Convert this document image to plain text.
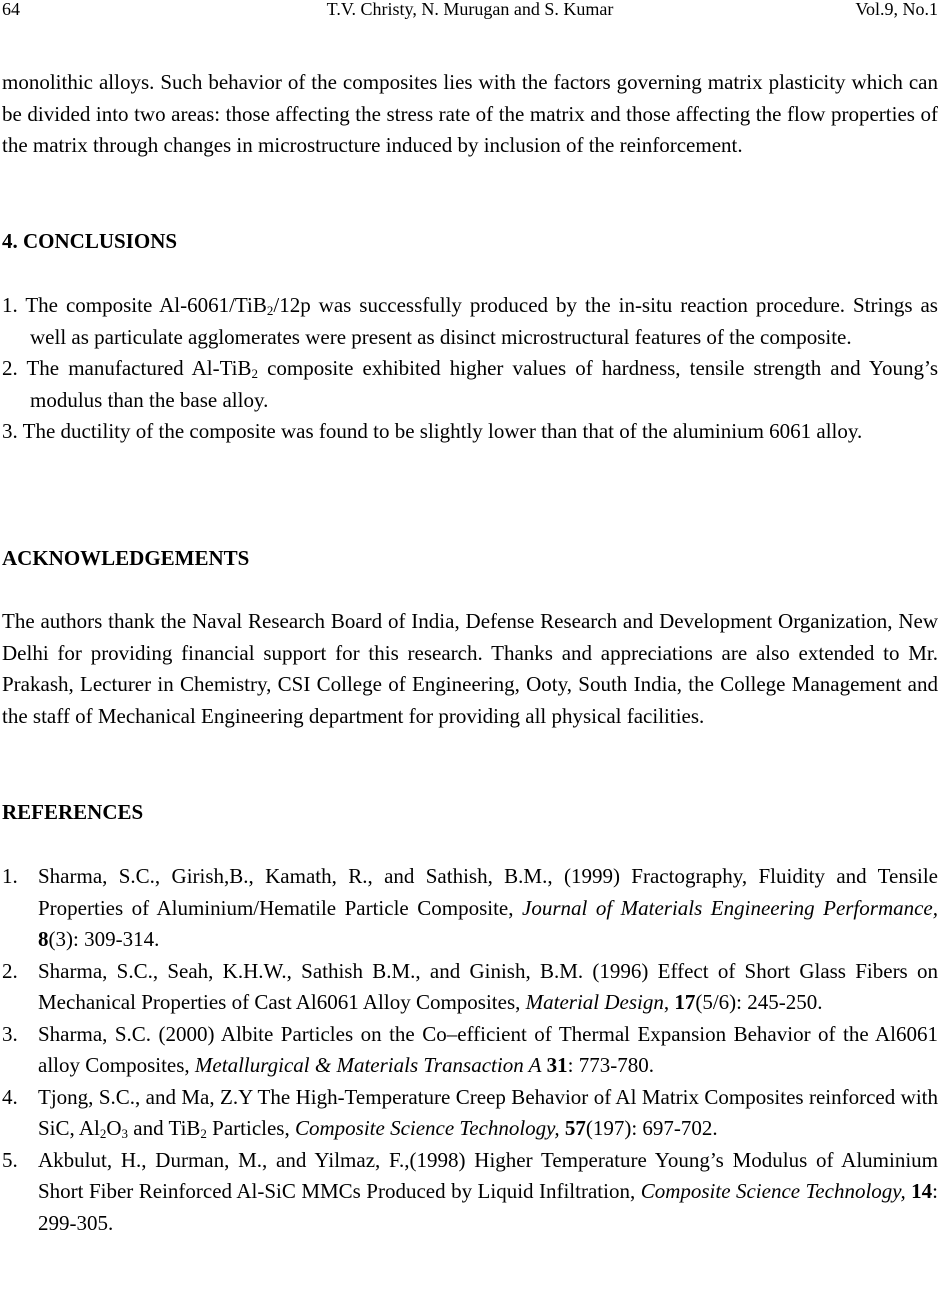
64	T.V. Christy, N. Murugan and S. Kumar	Vol.9, No.1

monolithic alloys. Such behavior of the composites lies with the factors governing matrix plasticity which can be divided into two areas: those affecting the stress rate of the matrix and those affecting the flow properties of the matrix through changes in microstructure induced by inclusion of the reinforcement.

4. CONCLUSIONS
1. The composite Al-6061/TiB$_2$/12p was successfully produced by the in-situ reaction procedure. Strings as well as particulate agglomerates were present as disinct microstructural features of the composite.
2. The manufactured Al-TiB$_2$ composite exhibited higher values of hardness, tensile strength and Young’s modulus than the base alloy.
3. The ductility of the composite was found to be slightly lower than that of the aluminium 6061 alloy.
ACKNOWLEDGEMENTS

The authors thank the Naval Research Board of India, Defense Research and Development Organization, New Delhi for providing financial support for this research. Thanks and appreciations are also extended to Mr. Prakash, Lecturer in Chemistry, CSI College of Engineering, Ooty, South India, the College Management and the staff of Mechanical Engineering department for providing all physical facilities.

REFERENCES
1. Sharma, S.C., Girish,B., Kamath, R., and Sathish, B.M., (1999) Fractography, Fluidity and Tensile Properties of Aluminium/Hematile Particle Composite, Journal of Materials Engineering Performance, 8(3): 309-314.
2. Sharma, S.C., Seah, K.H.W., Sathish B.M., and Ginish, B.M. (1996) Effect of Short Glass Fibers on Mechanical Properties of Cast Al6061 Alloy Composites, Material Design, 17(5/6): 245-250.
3. Sharma, S.C. (2000) Albite Particles on the Co–efficient of Thermal Expansion Behavior of the Al6061 alloy Composites, Metallurgical & Materials Transaction A 31: 773-780.
4. Tjong, S.C., and Ma, Z.Y The High-Temperature Creep Behavior of Al Matrix Composites reinforced with SiC, $Al_2O_3$ and TiB$_2$ Particles, Composite Science Technology, 57(197): 697-702.
5. Akbulut, H., Durman, M., and Yilmaz, F.,(1998) Higher Temperature Young’s Modulus of Aluminium Short Fiber Reinforced Al-SiC MMCs Produced by Liquid Infiltration, Composite Science Technology, 14: 299-305.
